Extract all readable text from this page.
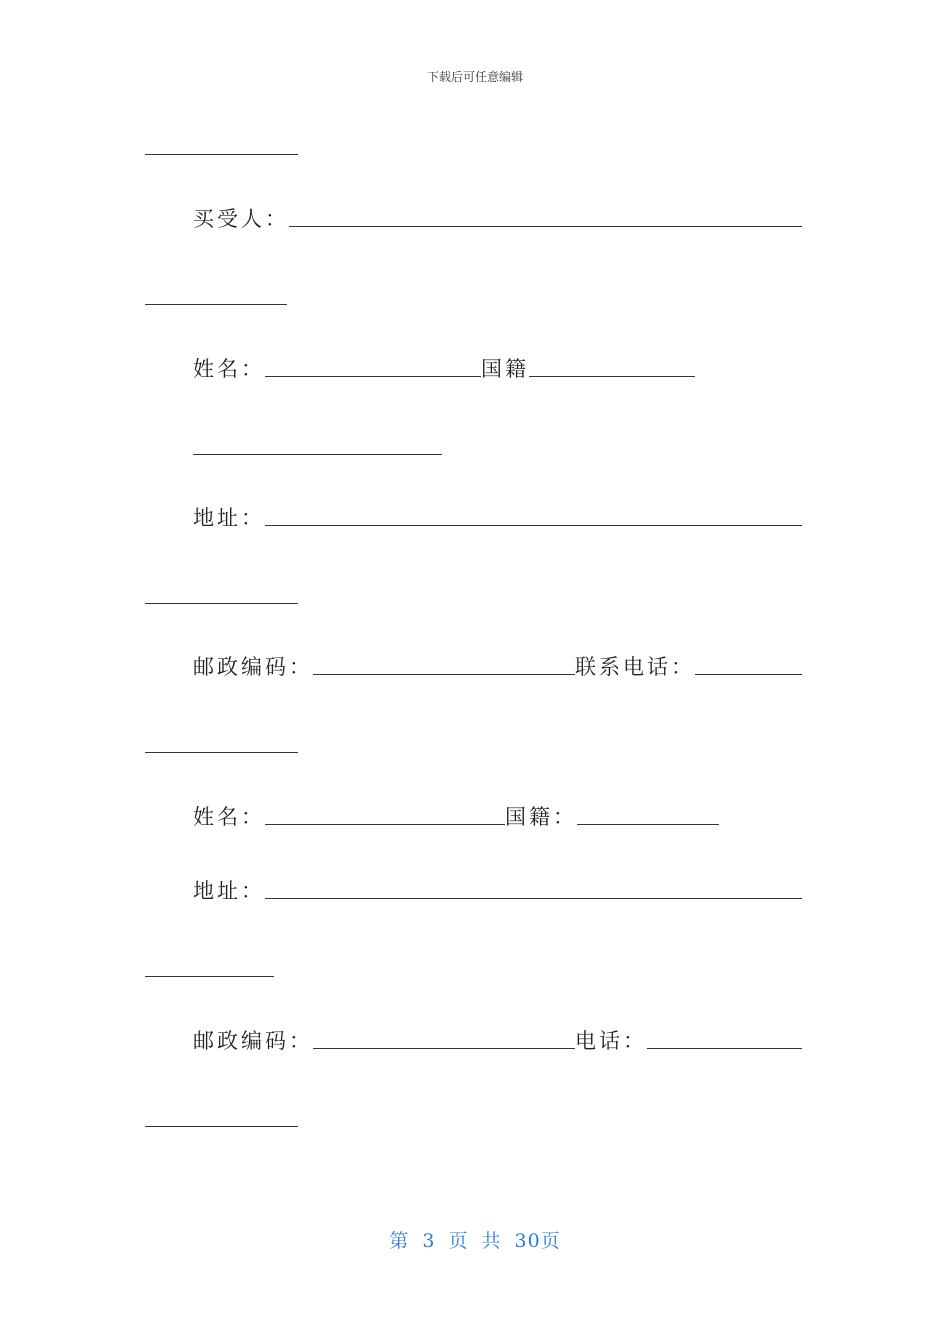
下载后可任意编辑
买受人：
姓名：	国籍
地址：
邮政编码：	联系电话：
姓名：	国籍：
地址：
邮政编码：	电话：
第 3 页 共 30页
